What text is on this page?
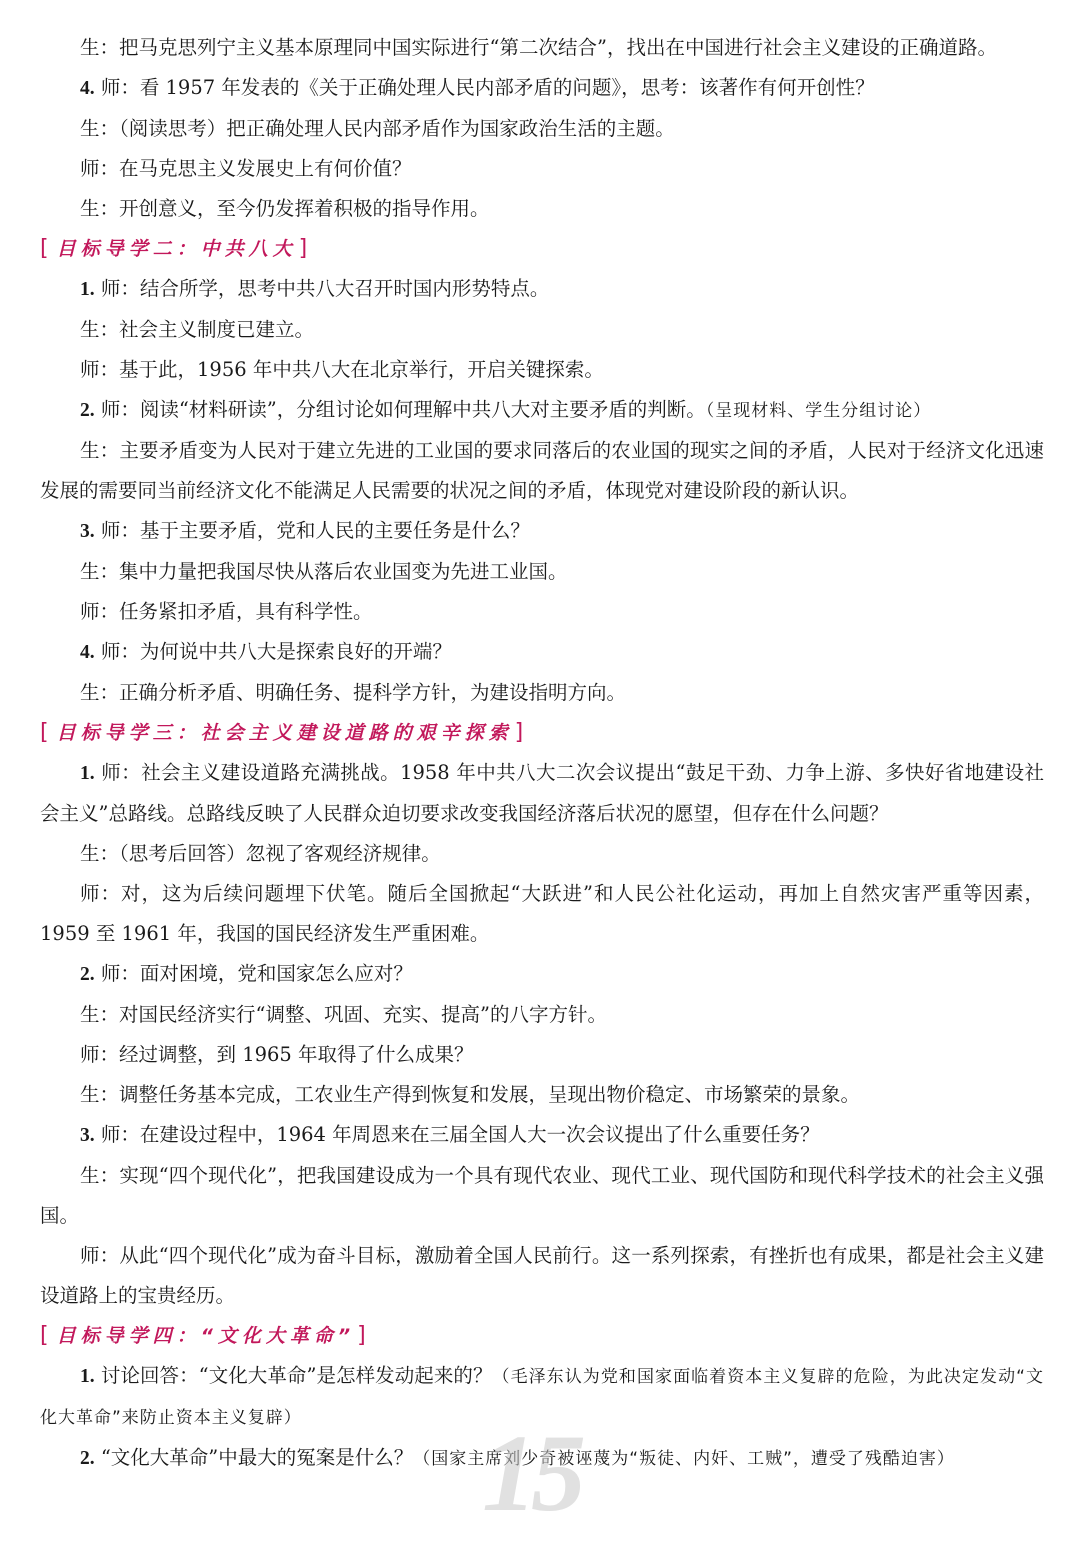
生：把马克思列宁主义基本原理同中国实际进行“第二次结合”，找出在中国进行社会主义建设的正确道路。

4. 师：看 1957 年发表的《关于正确处理人民内部矛盾的问题》，思考：该著作有何开创性？

生：（阅读思考）把正确处理人民内部矛盾作为国家政治生活的主题。

师：在马克思主义发展史上有何价值？

生：开创意义，至今仍发挥着积极的指导作用。

[ 目标导学二：中共八大 ]

1. 师：结合所学，思考中共八大召开时国内形势特点。

生：社会主义制度已建立。

师：基于此，1956 年中共八大在北京举行，开启关键探索。

2. 师：阅读“材料研读”，分组讨论如何理解中共八大对主要矛盾的判断。（呈现材料、学生分组讨论）

生：主要矛盾变为人民对于建立先进的工业国的要求同落后的农业国的现实之间的矛盾，人民对于经济文化迅速发展的需要同当前经济文化不能满足人民需要的状况之间的矛盾，体现党对建设阶段的新认识。

3. 师：基于主要矛盾，党和人民的主要任务是什么？

生：集中力量把我国尽快从落后农业国变为先进工业国。

师：任务紧扣矛盾，具有科学性。

4. 师：为何说中共八大是探索良好的开端？

生：正确分析矛盾、明确任务、提科学方针，为建设指明方向。

[ 目标导学三：社会主义建设道路的艰辛探索 ]

1. 师：社会主义建设道路充满挑战。1958 年中共八大二次会议提出“鼓足干劲、力争上游、多快好省地建设社会主义”总路线。总路线反映了人民群众迫切要求改变我国经济落后状况的愿望，但存在什么问题？

生：（思考后回答）忽视了客观经济规律。

师：对，这为后续问题埋下伏笔。随后全国掀起“大跃进”和人民公社化运动，再加上自然灾害严重等因素，1959 至 1961 年，我国的国民经济发生严重困难。

2. 师：面对困境，党和国家怎么应对？

生：对国民经济实行“调整、巩固、充实、提高”的八字方针。

师：经过调整，到 1965 年取得了什么成果？

生：调整任务基本完成，工农业生产得到恢复和发展，呈现出物价稳定、市场繁荣的景象。

3. 师：在建设过程中，1964 年周恩来在三届全国人大一次会议提出了什么重要任务？

生：实现“四个现代化”，把我国建设成为一个具有现代农业、现代工业、现代国防和现代科学技术的社会主义强国。

师：从此“四个现代化”成为奋斗目标，激励着全国人民前行。这一系列探索，有挫折也有成果，都是社会主义建设道路上的宝贵经历。

[ 目标导学四：“文化大革命” ]

1. 讨论回答：“文化大革命”是怎样发动起来的？（毛泽东认为党和国家面临着资本主义复辟的危险，为此决定发动“文化大革命”来防止资本主义复辟）

2. “文化大革命”中最大的冤案是什么？（国家主席刘少奇被诬蔑为“叛徒、内奸、工贼”，遭受了残酷迫害）

15
